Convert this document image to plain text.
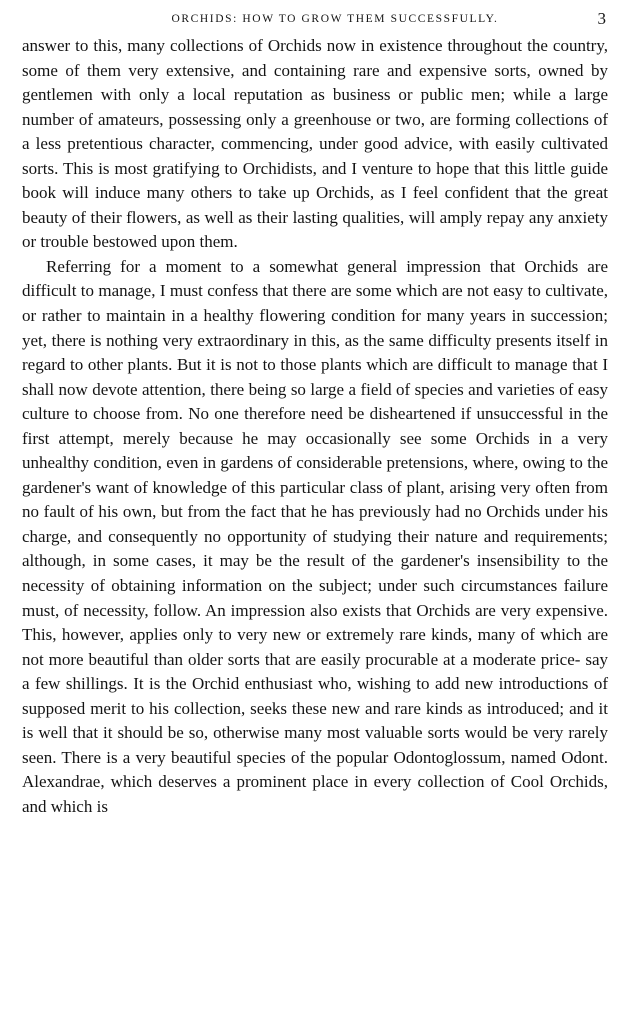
ORCHIDS: HOW TO GROW THEM SUCCESSFULLY.	3

answer to this, many collections of Orchids now in existence throughout the country, some of them very extensive, and containing rare and expensive sorts, owned by gentlemen with only a local reputation as business or public men; while a large number of amateurs, possessing only a greenhouse or two, are forming collections of a less pretentious character, commencing, under good advice, with easily cultivated sorts. This is most gratifying to Orchidists, and I venture to hope that this little guide book will induce many others to take up Orchids, as I feel confident that the great beauty of their flowers, as well as their lasting qualities, will amply repay any anxiety or trouble bestowed upon them.

Referring for a moment to a somewhat general impression that Orchids are difficult to manage, I must confess that there are some which are not easy to cultivate, or rather to maintain in a healthy flowering condition for many years in succession; yet, there is nothing very extraordinary in this, as the same difficulty presents itself in regard to other plants. But it is not to those plants which are difficult to manage that I shall now devote attention, there being so large a field of species and varieties of easy culture to choose from. No one therefore need be disheartened if unsuccessful in the first attempt, merely because he may occasionally see some Orchids in a very unhealthy condition, even in gardens of considerable pretensions, where, owing to the gardener's want of knowledge of this particular class of plant, arising very often from no fault of his own, but from the fact that he has previously had no Orchids under his charge, and consequently no opportunity of studying their nature and requirements; although, in some cases, it may be the result of the gardener's insensibility to the necessity of obtaining information on the subject; under such circumstances failure must, of necessity, follow. An impression also exists that Orchids are very expensive. This, however, applies only to very new or extremely rare kinds, many of which are not more beautiful than older sorts that are easily procurable at a moderate price- say a few shillings. It is the Orchid enthusiast who, wishing to add new introductions of supposed merit to his collection, seeks these new and rare kinds as introduced; and it is well that it should be so, otherwise many most valuable sorts would be very rarely seen. There is a very beautiful species of the popular Odontoglossum, named Odont. Alexandrae, which deserves a prominent place in every collection of Cool Orchids, and which is
